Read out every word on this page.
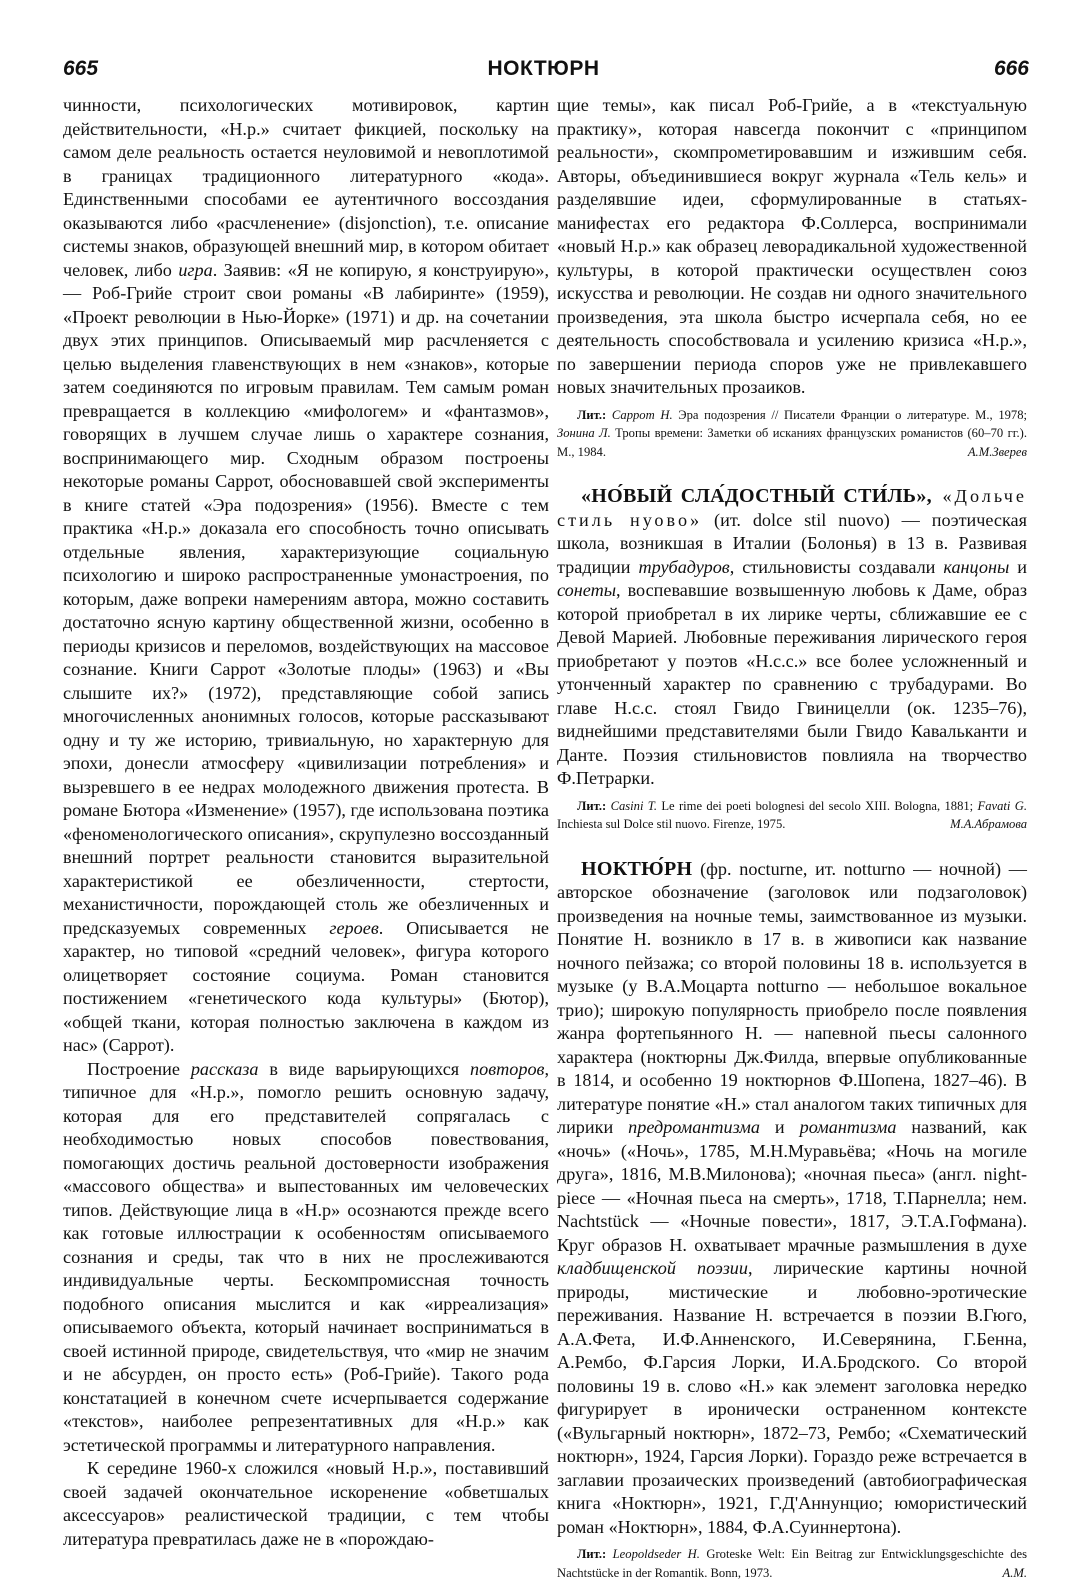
665	НОКТЮРН	666

чинности, психологических мотивировок, картин действительности, «Н.р.» считает фикцией, поскольку на самом деле реальность остается неуловимой и невоплотимой в границах традиционного литературного «кода». Единственными способами ее аутентичного воссоздания оказываются либо «расчленение» (disjonction), т.е. описание системы знаков, образующей внешний мир, в котором обитает человек, либо игра. Заявив: «Я не копирую, я конструирую», — Роб-Грийе строит свои романы «В лабиринте» (1959), «Проект революции в Нью-Йорке» (1971) и др. на сочетании двух этих принципов. Описываемый мир расчленяется с целью выделения главенствующих в нем «знаков», которые затем соединяются по игровым правилам. Тем самым роман превращается в коллекцию «мифологем» и «фантазмов», говорящих в лучшем случае лишь о характере сознания, воспринимающего мир. Сходным образом построены некоторые романы Саррот, обосновавшей свой эксперименты в книге статей «Эра подозрения» (1956). Вместе с тем практика «Н.р.» доказала его способность точно описывать отдельные явления, характеризующие социальную психологию и широко распространенные умонастроения, по которым, даже вопреки намерениям автора, можно составить достаточно ясную картину общественной жизни, особенно в периоды кризисов и переломов, воздействующих на массовое сознание. Книги Саррот «Золотые плоды» (1963) и «Вы слышите их?» (1972), представляющие собой запись многочисленных анонимных голосов, которые рассказывают одну и ту же историю, тривиальную, но характерную для эпохи, донесли атмосферу «цивилизации потребления» и вызревшего в ее недрах молодежного движения протеста. В романе Бютора «Изменение» (1957), где использована поэтика «феноменологического описания», скрупулезно воссозданный внешний портрет реальности становится выразительной характеристикой ее обезличенности, стертости, механистичности, порождающей столь же обезличенных и предсказуемых современных героев. Описывается не характер, но типовой «средний человек», фигура которого олицетворяет состояние социума. Роман становится постижением «генетического кода культуры» (Бютор), «общей ткани, которая полностью заключена в каждом из нас» (Саррот).

Построение рассказа в виде варьирующихся повторов, типичное для «Н.р.», помогло решить основную задачу, которая для его представителей сопрягалась с необходимостью новых способов повествования, помогающих достичь реальной достоверности изображения «массового общества» и выпестованных им человеческих типов. Действующие лица в «Н.р» осознаются прежде всего как готовые иллюстрации к особенностям описываемого сознания и среды, так что в них не прослеживаются индивидуальные черты. Бескомпромиссная точность подобного описания мыслится и как «ирреализация» описываемого объекта, который начинает восприниматься в своей истинной природе, свидетельствуя, что «мир не значим и не абсурден, он просто есть» (Роб-Грийе). Такого рода констатацией в конечном счете исчерпывается содержание «текстов», наиболее репрезентативных для «Н.р.» как эстетической программы и литературного направления.

К середине 1960-х сложился «новый Н.р.», поставивший своей задачей окончательное искоренение «обветшалых аксессуаров» реалистической традиции, с тем чтобы литература превратилась даже не в «порождаю-

щие темы», как писал Роб-Грийе, а в «текстуальную практику», которая навсегда покончит с «принципом реальности», скомпрометировавшим и изжившим себя. Авторы, объединившиеся вокруг журнала «Тель кель» и разделявшие идеи, сформулированные в статьях-манифестах его редактора Ф.Соллерса, воспринимали «новый Н.р.» как образец леворадикальной художественной культуры, в которой практически осуществлен союз искусства и революции. Не создав ни одного значительного произведения, эта школа быстро исчерпала себя, но ее деятельность способствовала и усилению кризиса «Н.р.», по завершении периода споров уже не привлекавшего новых значительных прозаиков.

Лит.: Саррот Н. Эра подозрения // Писатели Франции о литературе. М., 1978; Зонина Л. Тропы времени: Заметки об исканиях французских романистов (60–70 гг.). М., 1984.	А.М.Зверев

«НО́ВЫЙ СЛА́ДОСТНЫЙ СТИ́ЛЬ», «Дольче стиль нуово» (ит. dolce stil nuovo) — поэтическая школа, возникшая в Италии (Болонья) в 13 в. Развивая традиции трубадуров, стильновисты создавали канцоны и сонеты, воспевавшие возвышенную любовь к Даме, образ которой приобретал в их лирике черты, сближавшие ее с Девой Марией. Любовные переживания лирического героя приобретают у поэтов «Н.с.с.» все более усложненный и утонченный характер по сравнению с трубадурами. Во главе Н.с.с. стоял Гвидо Гвиницелли (ок. 1235–76), виднейшими представителями были Гвидо Кавальканти и Данте. Поэзия стильновистов повлияла на творчество Ф.Петрарки.

Лит.: Casini T. Le rime dei poeti bolognesi del secolo XIII. Bologna, 1881; Favati G. Inchiesta sul Dolce stil nuovo. Firenze, 1975.	М.А.Абрамова

НОКТЮ́РН (фр. nocturne, ит. notturno — ночной) — авторское обозначение (заголовок или подзаголовок) произведения на ночные темы, заимствованное из музыки. Понятие Н. возникло в 17 в. в живописи как название ночного пейзажа; со второй половины 18 в. используется в музыке (у В.А.Моцарта notturno — небольшое вокальное трио); широкую популярность приобрело после появления жанра фортепьянного Н. — напевной пьесы салонного характера (ноктюрны Дж.Филда, впервые опубликованные в 1814, и особенно 19 ноктюрнов Ф.Шопена, 1827–46). В литературе понятие «Н.» стал аналогом таких типичных для лирики предромантизма и романтизма названий, как «ночь» («Ночь», 1785, М.Н.Муравьёва; «Ночь на могиле друга», 1816, М.В.Милонова); «ночная пьеса» (англ. night-piece — «Ночная пьеса на смерть», 1718, Т.Парнелла; нем. Nachtstück — «Ночные повести», 1817, Э.Т.А.Гофмана). Круг образов Н. охватывает мрачные размышления в духе кладбищенской поэзии, лирические картины ночной природы, мистические и любовно-эротические переживания. Название Н. встречается в поэзии В.Гюго, А.А.Фета, И.Ф.Анненского, И.Северянина, Г.Бенна, А.Рембо, Ф.Гарсия Лорки, И.А.Бродского. Со второй половины 19 в. слово «Н.» как элемент заголовка нередко фигурирует в иронически остраненном контексте («Вульгарный ноктюрн», 1872–73, Рембо; «Схематический ноктюрн», 1924, Гарсия Лорки). Гораздо реже встречается в заглавии прозаических произведений (автобиографическая книга «Ноктюрн», 1921, Г.Д'Аннунцио; юмористический роман «Ноктюрн», 1884, Ф.А.Суиннертона).

Лит.: Leopoldseder H. Groteske Welt: Ein Beitrag zur Entwicklungsgeschichte des Nachtstücke in der Romantik. Bonn, 1973.	А.М.
